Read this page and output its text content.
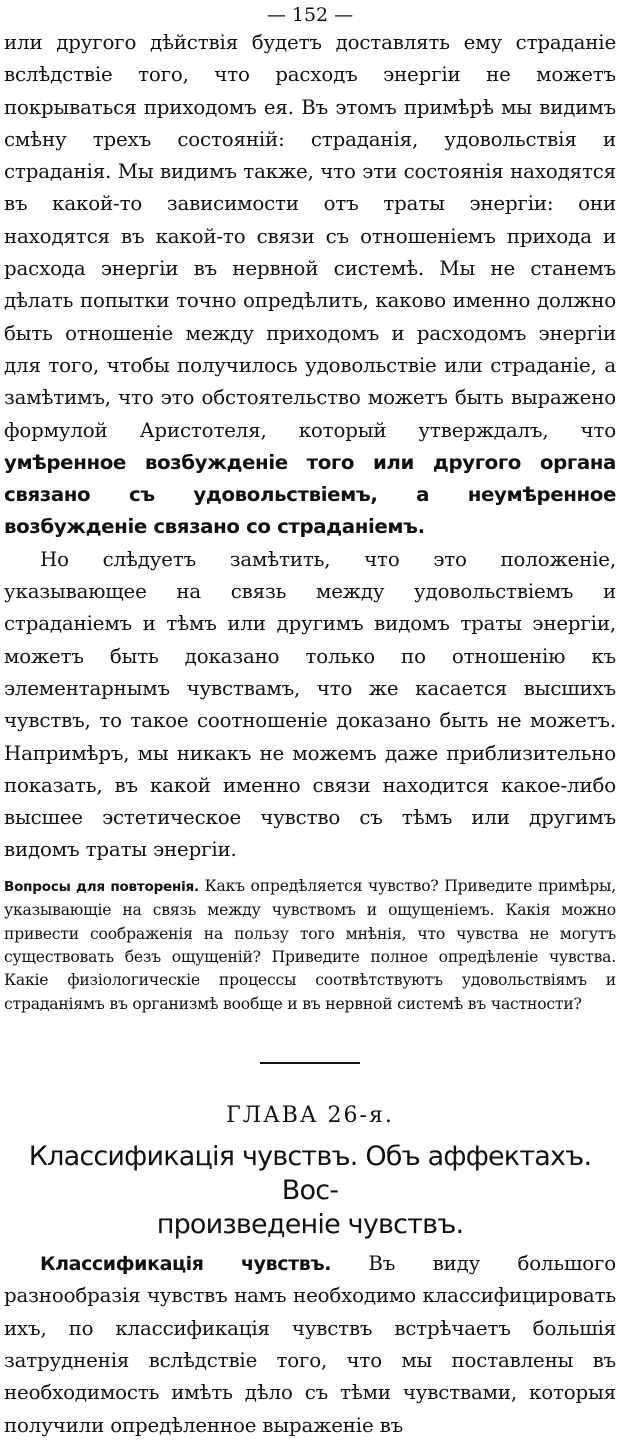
— 152 —

или другого дѣйствія будетъ доставлять ему страданіе вслѣдствіе того, что расходъ энергіи не можетъ покрываться приходомъ ея. Въ этомъ примѣрѣ мы видимъ смѣну трехъ состояній: страданія, удовольствія и страданія. Мы видимъ также, что эти состоянія находятся въ какой-то зависимости отъ траты энергіи: они находятся въ какой-то связи съ отношеніемъ прихода и расхода энергіи въ нервной системѣ. Мы не станемъ дѣлать попытки точно опредѣлить, каково именно должно быть отношеніе между приходомъ и расходомъ энергіи для того, чтобы получилось удовольствіе или страданіе, а замѣтимъ, что это обстоятельство можетъ быть выражено формулой Аристотеля, который утверждалъ, что умѣренное возбужденіе того или другого органа связано съ удовольствіемъ, а неумѣренное возбужденіе связано со страданіемъ.

Но слѣдуетъ замѣтить, что это положеніе, указывающее на связь между удовольствіемъ и страданіемъ и тѣмъ или другимъ видомъ траты энергіи, можетъ быть доказано только по отношенію къ элементарнымъ чувствамъ, что же касается высшихъ чувствъ, то такое соотношеніе доказано быть не можетъ. Напримѣръ, мы никакъ не можемъ даже приблизительно показать, въ какой именно связи находится какое-либо высшее эстетическое чувство съ тѣмъ или другимъ видомъ траты энергіи.

Вопросы для повторенія. Какъ опредѣляется чувство? Приведите примѣры, указывающіе на связь между чувствомъ и ощущеніемъ. Какія можно привести соображенія на пользу того мнѣнія, что чувства не могутъ существовать безъ ощущеній? Приведите полное опредѣленіе чувства. Какіе физіологическіе процессы соотвѣтствуютъ удовольствіямъ и страданіямъ въ организмѣ вообще и въ нервной системѣ въ частности?
ГЛАВА 26-я.
Классификація чувствъ. Объ аффектахъ. Вос-
произведеніе чувствъ.

Классификація чувствъ. Въ виду большого разнообразія чувствъ намъ необходимо классифицировать ихъ, по классификація чувствъ встрѣчаетъ большія затрудненія вслѣдствіе того, что мы поставлены въ необходимость имѣть дѣло съ тѣми чувствами, которыя получили опредѣленное выраженіе въ
